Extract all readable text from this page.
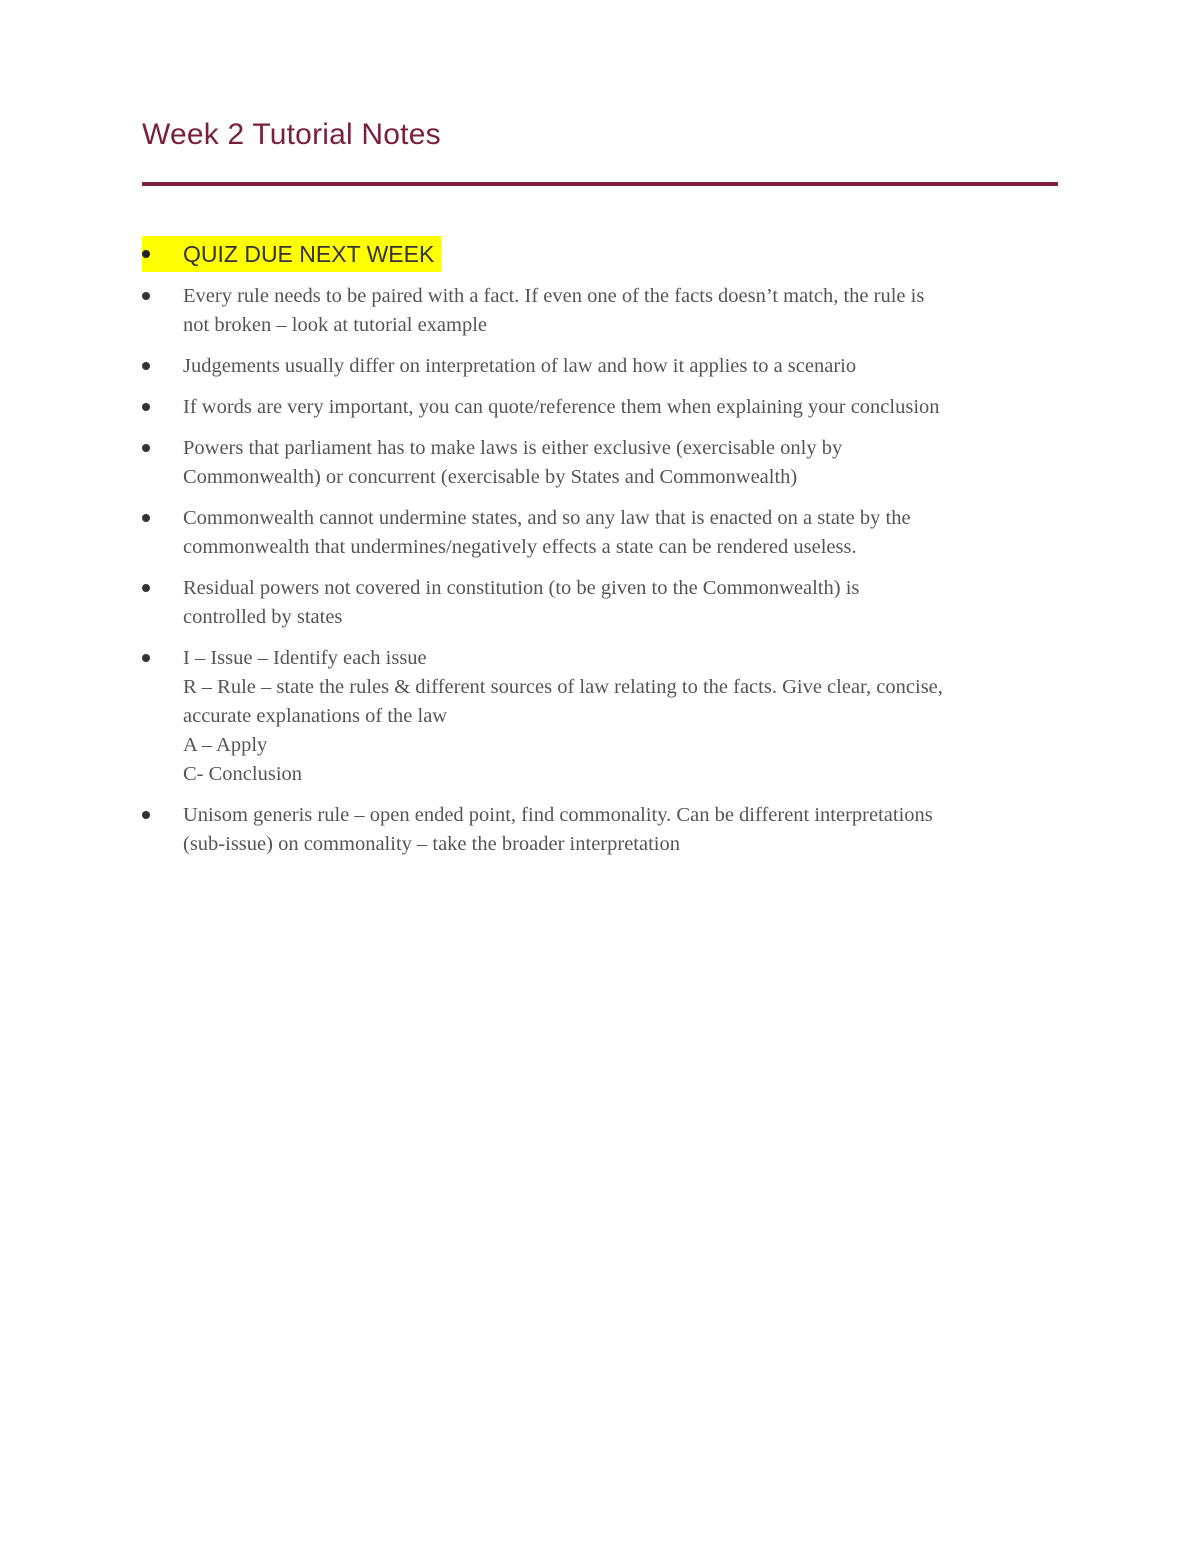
Week 2 Tutorial Notes
QUIZ DUE NEXT WEEK
Every rule needs to be paired with a fact. If even one of the facts doesn’t match, the rule is
not broken – look at tutorial example
Judgements usually differ on interpretation of law and how it applies to a scenario
If words are very important, you can quote/reference them when explaining your conclusion
Powers that parliament has to make laws is either exclusive (exercisable only by
Commonwealth) or concurrent (exercisable by States and Commonwealth)
Commonwealth cannot undermine states, and so any law that is enacted on a state by the
commonwealth that undermines/negatively effects a state can be rendered useless.
Residual powers not covered in constitution (to be given to the Commonwealth) is
controlled by states
I – Issue – Identify each issue
R – Rule – state the rules & different sources of law relating to the facts. Give clear, concise,
accurate explanations of the law
A – Apply
C- Conclusion
Unisom generis rule – open ended point, find commonality. Can be different interpretations
(sub-issue) on commonality – take the broader interpretation
